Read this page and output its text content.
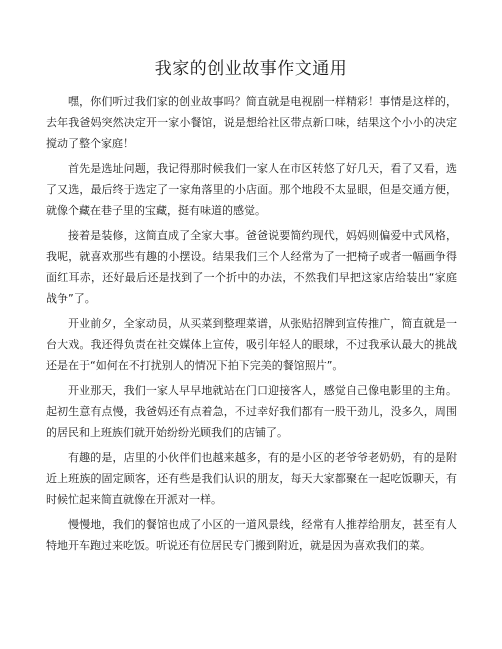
我家的创业故事作文通用

嘿，你们听过我们家的创业故事吗？简直就是电视剧一样精彩！事情是这样的，去年我爸妈突然决定开一家小餐馆，说是想给社区带点新口味，结果这个小小的决定搅动了整个家庭！

首先是选址问题，我记得那时候我们一家人在市区转悠了好几天，看了又看，选了又选，最后终于选定了一家角落里的小店面。那个地段不太显眼，但是交通方便，就像个藏在巷子里的宝藏，挺有味道的感觉。

接着是装修，这简直成了全家大事。爸爸说要简约现代，妈妈则偏爱中式风格，我呢，就喜欢那些有趣的小摆设。结果我们三个人经常为了一把椅子或者一幅画争得面红耳赤，还好最后还是找到了一个折中的办法，不然我们早把这家店给装出“家庭战争”了。

开业前夕，全家动员，从买菜到整理菜谱，从张贴招牌到宣传推广，简直就是一台大戏。我还得负责在社交媒体上宣传，吸引年轻人的眼球，不过我承认最大的挑战还是在于“如何在不打扰别人的情况下拍下完美的餐馆照片”。

开业那天，我们一家人早早地就站在门口迎接客人，感觉自己像电影里的主角。起初生意有点慢，我爸妈还有点着急，不过幸好我们都有一股干劲儿，没多久，周围的居民和上班族们就开始纷纷光顾我们的店铺了。

有趣的是，店里的小伙伴们也越来越多，有的是小区的老爷爷老奶奶，有的是附近上班族的固定顾客，还有些是我们认识的朋友，每天大家都聚在一起吃饭聊天，有时候忙起来简直就像在开派对一样。

慢慢地，我们的餐馆也成了小区的一道风景线，经常有人推荐给朋友，甚至有人特地开车跑过来吃饭。听说还有位居民专门搬到附近，就是因为喜欢我们的菜。
